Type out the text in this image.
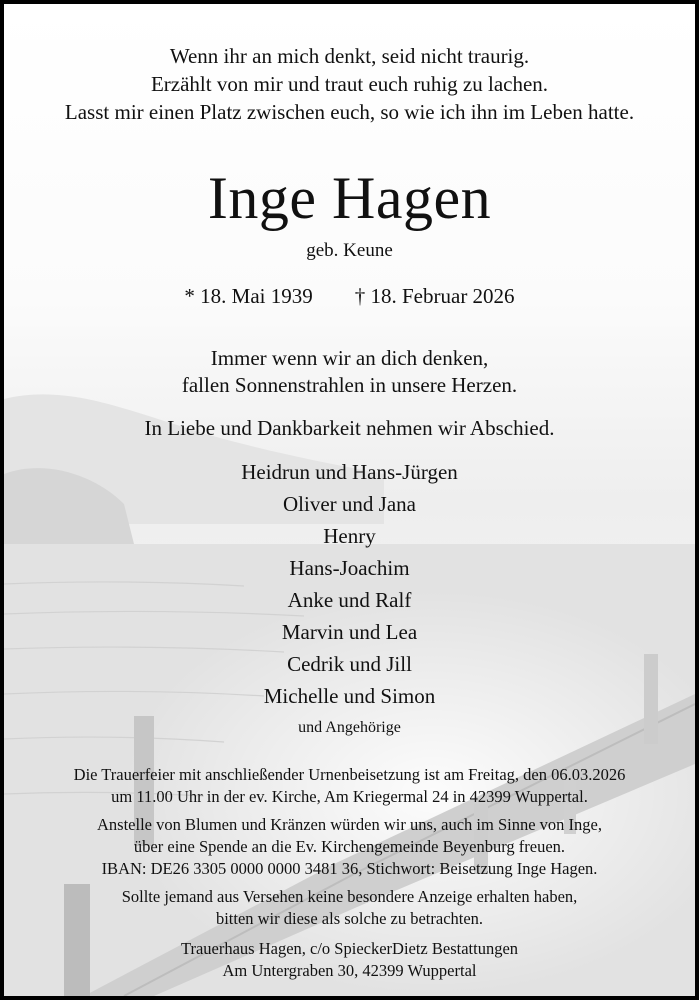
Wenn ihr an mich denkt, seid nicht traurig.
Erzählt von mir und traut euch ruhig zu lachen.
Lasst mir einen Platz zwischen euch, so wie ich ihn im Leben hatte.
Inge Hagen
geb. Keune
* 18. Mai 1939 † 18. Februar 2026
Immer wenn wir an dich denken,
fallen Sonnenstrahlen in unsere Herzen.
In Liebe und Dankbarkeit nehmen wir Abschied.
Heidrun und Hans-Jürgen
Oliver und Jana
Henry
Hans-Joachim
Anke und Ralf
Marvin und Lea
Cedrik und Jill
Michelle und Simon
und Angehörige
Die Trauerfeier mit anschließender Urnenbeisetzung ist am Freitag, den 06.03.2026
um 11.00 Uhr in der ev. Kirche, Am Kriegermal 24 in 42399 Wuppertal.
Anstelle von Blumen und Kränzen würden wir uns, auch im Sinne von Inge,
über eine Spende an die Ev. Kirchengemeinde Beyenburg freuen.
IBAN: DE26 3305 0000 0000 3481 36, Stichwort: Beisetzung Inge Hagen.
Sollte jemand aus Versehen keine besondere Anzeige erhalten haben,
bitten wir diese als solche zu betrachten.
Trauerhaus Hagen, c/o SpieckerDietz Bestattungen
Am Untergraben 30, 42399 Wuppertal
